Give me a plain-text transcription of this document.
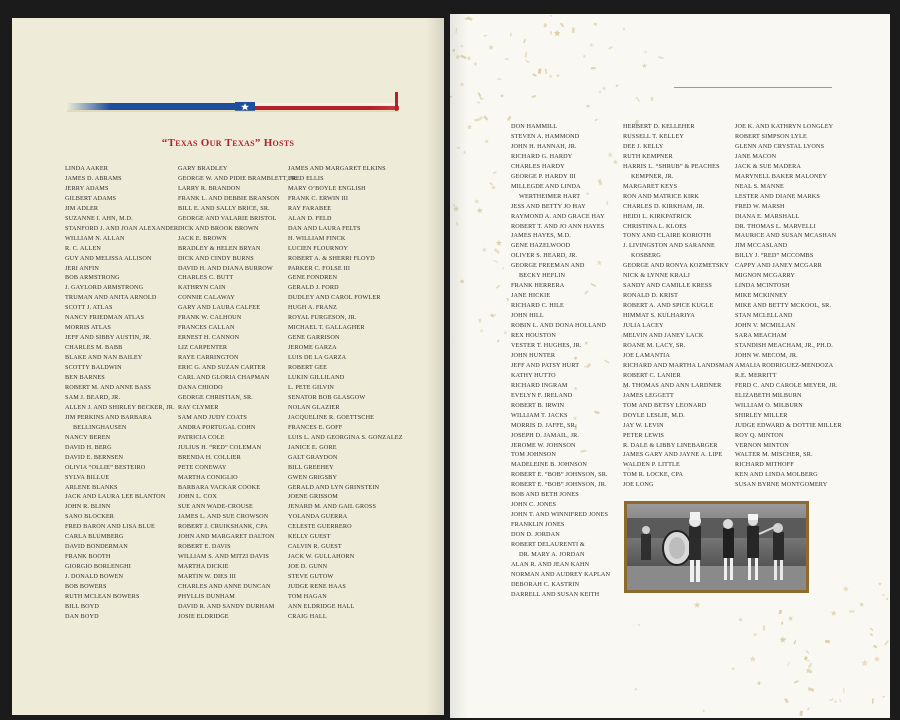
“Texas Our Texas” Hosts
LINDA AAKER
JAMES D. ABRAMS
JERRY ADAMS
GILBERT ADAMS
JIM ADLER
SUZANNE I. AHN, M.D.
STANFORD J. AND JOAN ALEXANDER
WILLIAM N. ALLAN
R. C. ALLEN
GUY AND MELISSA ALLISON
JERI ANFIN
BOB ARMSTRONG
J. GAYLORD ARMSTRONG
TRUMAN AND ANITA ARNOLD
SCOTT J. ATLAS
NANCY FRIEDMAN ATLAS
MORRIS ATLAS
JEFF AND SIBBY AUSTIN, JR.
CHARLES M. BABB
BLAKE AND NAN BAILEY
SCOTTY BALDWIN
BEN BARNES
ROBERT M. AND ANNE BASS
SAM J. BEARD, JR.
ALLEN J. AND SHIRLEY BECKER, JR.
JIM PERKINS AND BARBARA
BELLINGHAUSEN
NANCY BEREN
DAVID H. BERG
DAVID E. BERNSEN
OLIVIA “OLLIE” BESTEIRO
SYLVA BILLUE
ARLENE BLANKS
JACK AND LAURA LEE BLANTON
JOHN R. BLINN
SANO BLOCKER
FRED BARON AND LISA BLUE
CARLA BLUMBERG
DAVID BONDERMAN
FRANK BOOTH
GIORGIO BORLENGHI
J. DONALD BOWEN
BOB BOWERS
RUTH MCLEAN BOWERS
BILL BOYD
DAN BOYD
GARY BRADLEY
GEORGE W. AND PIDIE BRAMBLETT, JR.
LARRY R. BRANDON
FRANK L. AND DEBBIE BRANSON
BILL E. AND SALLY BRICE, SR.
GEORGE AND VALARIE BRISTOL
DICK AND BROOK BROWN
JACK E. BROWN
BRADLEY & HELEN BRYAN
DICK AND CINDY BURNS
DAVID H. AND DIANA BURROW
CHARLES C. BUTT
KATHRYN CAIN
CONNIE CALAWAY
GARY AND LAURA CALFEE
FRANK W. CALHOUN
FRANCES CALLAN
ERNEST H. CANNON
LIZ CARPENTER
RAYE CARRINGTON
ERIC G. AND SUZAN CARTER
CARL AND GLORIA CHAPMAN
DANA CHIODO
GEORGE CHRISTIAN, SR.
RAY CLYMER
SAM AND JUDY COATS
ANDRA PORTUGAL COHN
PATRICIA COLE
JULIUS H. “RED” COLEMAN
BRENDA H. COLLIER
PETE CONEWAY
MARTHA CONIGLIO
BARBARA VACKAR COOKE
JOHN L. COX
SUE ANN WADE-CROUSE
JAMES L. AND SUE CROWSON
ROBERT J. CRUIKSHANK, CPA
JOHN AND MARGARET DALTON
ROBERT E. DAVIS
WILLIAM S. AND MITZI DAVIS
MARTHA DICKIE
MARTIN W. DIES III
CHARLES AND ANNE DUNCAN
PHYLLIS DUNHAM
DAVID R. AND SANDY DURHAM
JOSIE ELDRIDGE
JAMES AND MARGARET ELKINS
FRED ELLIS
MARY O’BOYLE ENGLISH
FRANK C. ERWIN III
RAY FARABEE
ALAN D. FELD
DAN AND LAURA FELTS
H. WILLIAM FINCK
LUCIEN FLOURNOY
ROBERT A. & SHERRI FLOYD
PARKER C. FOLSE III
GENE FONDREN
GERALD J. FORD
DUDLEY AND CAROL FOWLER
HUGH A. FRANZ
ROYAL FURGESON, JR.
MICHAEL T. GALLAGHER
GENE GARRISON
JEROME GARZA
LUIS DE LA GARZA
ROBERT GEE
LUKIN GILLILAND
L. PETE GILVIN
SENATOR BOB GLASGOW
NOLAN GLAZIER
JACQUELINE R. GOETTSCHE
FRANCES E. GOFF
LUIS L. AND GEORGINA S. GONZALEZ
JANICE E. GORE
GALT GRAYDON
BILL GREEHEY
GWEN GRIGSBY
GERALD AND LYN GRINSTEIN
JOENE GRISSOM
JENARD M. AND GAIL GROSS
YOLANDA GUERRA
CELESTE GUERRERO
KELLY GUEST
CALVIN R. GUEST
JACK W. GULLAHORN
JOE D. GUNN
STEVE GUTOW
JUDGE RENE HAAS
TOM HAGAN
ANN ELDRIDGE HALL
CRAIG HALL
DON HAMMILL
STEVEN A. HAMMOND
JOHN H. HANNAH, JR.
RICHARD G. HARDY
CHARLES HARDY
GEORGE P. HARDY III
MILLEGDE AND LINDA
WERTHEIMER HART
JESS AND BETTY JO HAY
RAYMOND A. AND GRACE HAY
ROBERT T. AND JO ANN HAYES
JAMES HAYES, M.D.
GENE HAZELWOOD
OLIVER S. HEARD, JR.
GEORGE FREEMAN AND
BECKY HEFLIN
FRANK HERRERA
JANE HICKIE
RICHARD C. HILE
JOHN HILL
ROBIN L. AND DONA HOLLAND
REX HOUSTON
VESTER T. HUGHES, JR.
JOHN HUNTER
JEFF AND PATSY HURT
KATHY HUTTO
RICHARD INGRAM
EVELYN F. IRELAND
ROBERT B. IRWIN
WILLIAM T. JACKS
MORRIS D. JAFFE, SR.
JOSEPH D. JAMAIL, JR.
JEROME W. JOHNSON
TOM JOHNSON
MADELEINE B. JOHNSON
ROBERT E. “BOB” JOHNSON, SR.
ROBERT E. “BOB” JOHNSON, JR.
BOB AND BETH JONES
JOHN C. JONES
JOHN T. AND WINNIFRED JONES
FRANKLIN JONES
DON D. JORDAN
ROBERT DELAURENTI &
DR. MARY A. JORDAN
ALAN R. AND JEAN KAHN
NORMAN AND AUDREY KAPLAN
DEBORAH C. KASTRIN
DARRELL AND SUSAN KEITH
HERBERT D. KELLEHER
RUSSELL T. KELLEY
DEE J. KELLY
RUTH KEMPNER
HARRIS L. “SHRUB” & PEACHES
KEMPNER, JR.
MARGARET KEYS
RON AND MATRICE KIRK
CHARLES D. KIRKHAM, JR.
HEIDI L. KIRKPATRICK
CHRISTINA L. KLOES
TONY AND CLAIRE KORIOTH
J. LIVINGSTON AND SARANNE
KOSBERG
GEORGE AND RONYA KOZMETSKY
NICK & LYNNE KRALJ
SANDY AND CAMILLE KRESS
RONALD D. KRIST
ROBERT A. AND SPICE KUGLE
HIMMAT S. KULHARIYA
JULIA LACEY
MELVIN AND JANEY LACK
ROANE M. LACY, SR.
JOE LAMANTIA
RICHARD AND MARTHA LANDSMAN
ROBERT C. LANIER
M. THOMAS AND ANN LARDNER
JAMES LEGGETT
TOM AND BETSY LEONARD
DOYLE LESLIE, M.D.
JAY W. LEVIN
PETER LEWIS
R. DALE & LIBBY LINEBARGER
JAMES GARY AND JAYNE A. LIPE
WALDEN P. LITTLE
TOM R. LOCKE, CPA
JOE LONG
JOE K. AND KATHRYN LONGLEY
ROBERT SIMPSON LYLE
GLENN AND CRYSTAL LYONS
JANE MACON
JACK & SUE MADERA
MARYNELL BAKER MALONEY
NEAL S. MANNE
LESTER AND DIANE MARKS
FRED W. MARSH
DIANA E. MARSHALL
DR. THOMAS L. MARVELLI
MAURICE AND SUSAN MCASHAN
JIM MCCASLAND
BILLY J. “RED” MCCOMBS
CAPPY AND JANEY MCGARR
MIGNON MCGARRY
LINDA MCINTOSH
MIKE MCKINNEY
MIKE AND BETTY MCKOOL, SR.
STAN MCLELLAND
JOHN V. MCMILLAN
SARA MEACHAM
STANDISH MEACHAM, JR., PH.D.
JOHN W. MECOM, JR.
AMALIA RODRIGUEZ-MENDOZA
R.E. MERRITT
FERD C. AND CAROLE MEYER, JR.
ELIZABETH MILBURN
WILLIAM O. MILBURN
SHIRLEY MILLER
JUDGE EDWARD & DOTTIE MILLER
ROY Q. MINTON
VERNON MINTON
WALTER M. MISCHER, SR.
RICHARD MITHOFF
KEN AND LINDA MOLBERG
SUSAN BYRNE MONTGOMERY
